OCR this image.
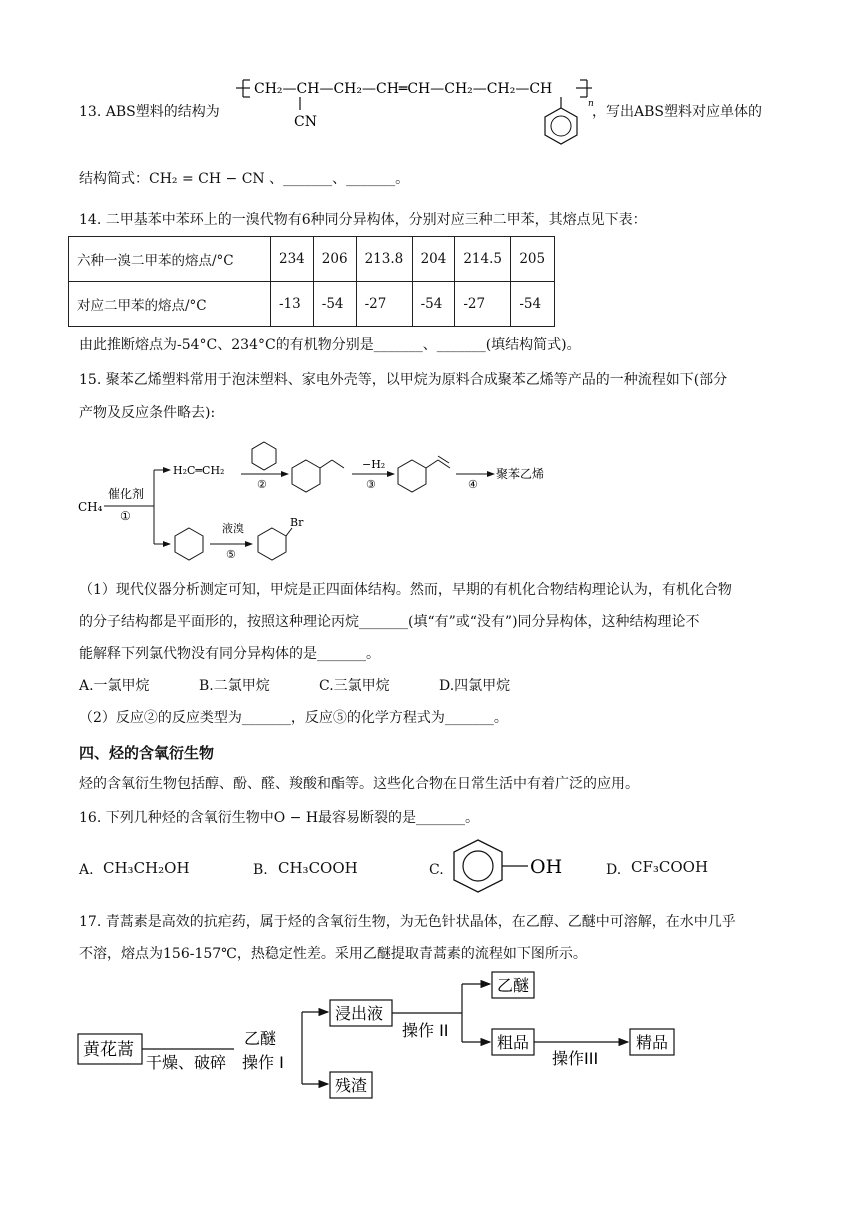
13. ABS塑料的结构为
CH₂—CH—CH₂—CH═CH—CH₂—CH₂—CH
CN
n
，写出ABS塑料对应单体的
结构简式：CH₂ = CH − CN 、_______、_______。
14. 二甲基苯中苯环上的一溴代物有6种同分异构体，分别对应三种二甲苯，其熔点见下表：
六种一溴二甲苯的熔点/°C	234	206	213.8	204	214.5	205
对应二甲苯的熔点/°C	-13	-54	-27	-54	-27	-54
由此推断熔点为-54°C、234°C的有机物分别是_______、_______(填结构简式)。
15. 聚苯乙烯塑料常用于泡沫塑料、家电外壳等，以甲烷为原料合成聚苯乙烯等产品的一种流程如下(部分
产物及反应条件略去):
CH₄
催化剂
①
H₂C═CH₂
②
−H₂
③	④
聚苯乙烯
液溴
⑤
Br
（1）现代仪器分析测定可知，甲烷是正四面体结构。然而，早期的有机化合物结构理论认为，有机化合物
的分子结构都是平面形的，按照这种理论丙烷_______(填“有”或“没有”)同分异构体，这种结构理论不
能解释下列氯代物没有同分异构体的是_______。
A.一氯甲烷	B.二氯甲烷	C.三氯甲烷	D.四氯甲烷
（2）反应②的反应类型为_______，反应⑤的化学方程式为_______。
四、烃的含氧衍生物
烃的含氧衍生物包括醇、酚、醛、羧酸和酯等。这些化合物在日常生活中有着广泛的应用。
16. 下列几种烃的含氧衍生物中O − H最容易断裂的是_______。
A. CH₃CH₂OH	B. CH₃COOH	C.	OH	D. CF₃COOH
17. 青蒿素是高效的抗疟药，属于烃的含氧衍生物，为无色针状晶体，在乙醇、乙醚中可溶解，在水中几乎
不溶，熔点为156-157℃，热稳定性差。采用乙醚提取青蒿素的流程如下图所示。
黄花蒿
干燥、破碎
乙醚
操作 I
浸出液
残渣
操作 II
乙醚
粗品
操作III
精品
